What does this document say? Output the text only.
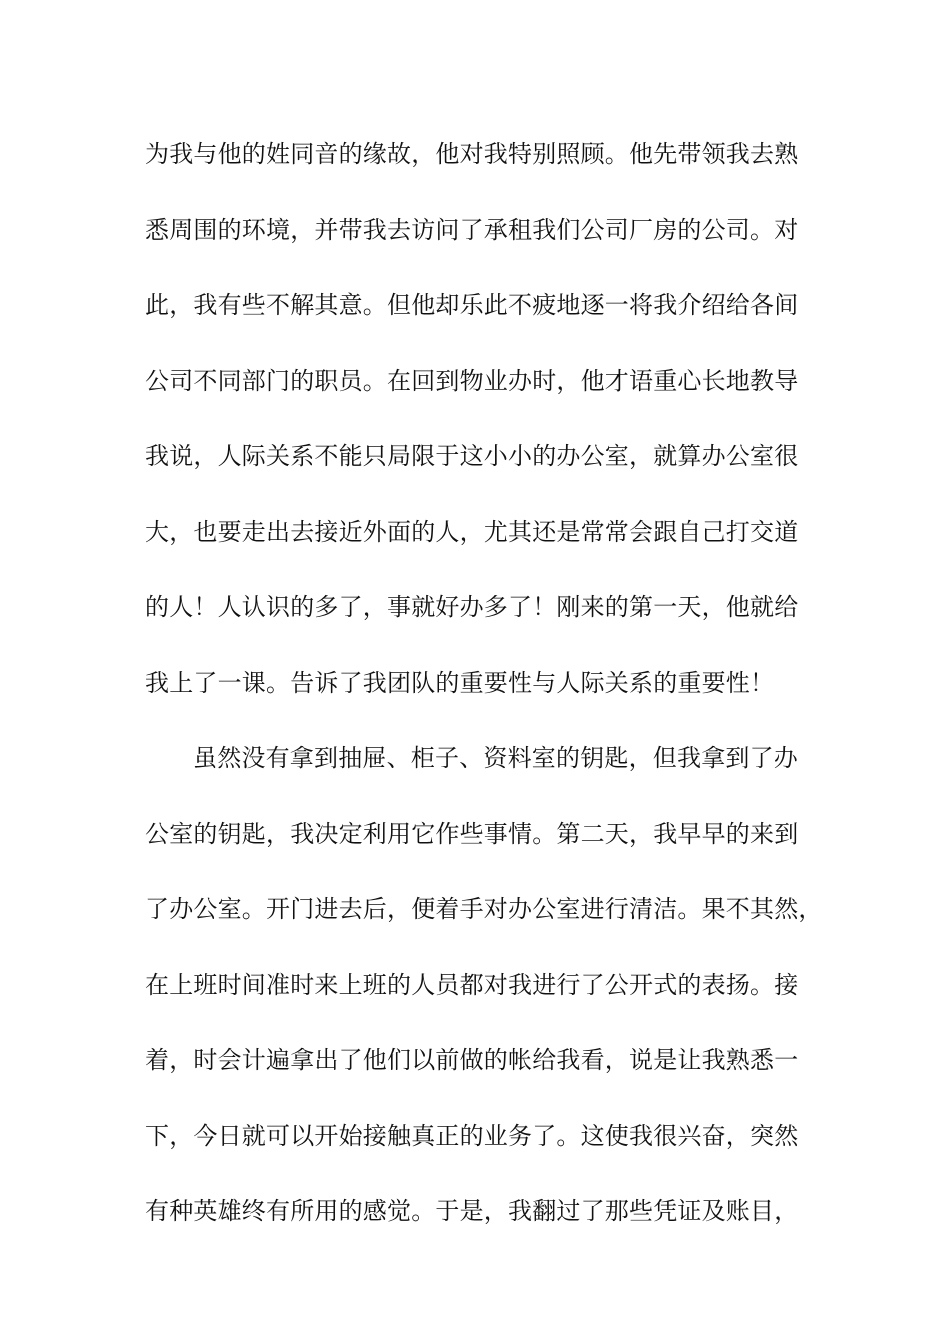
为我与他的姓同音的缘故，他对我特别照顾。他先带领我去熟
悉周围的环境，并带我去访问了承租我们公司厂房的公司。对
此，我有些不解其意。但他却乐此不疲地逐一将我介绍给各间
公司不同部门的职员。在回到物业办时，他才语重心长地教导
我说，人际关系不能只局限于这小小的办公室，就算办公室很
大，也要走出去接近外面的人，尤其还是常常会跟自己打交道
的人！人认识的多了，事就好办多了！刚来的第一天，他就给
我上了一课。告诉了我团队的重要性与人际关系的重要性！
虽然没有拿到抽屉、柜子、资料室的钥匙，但我拿到了办
公室的钥匙，我决定利用它作些事情。第二天，我早早的来到
了办公室。开门进去后，便着手对办公室进行清洁。果不其然，
在上班时间准时来上班的人员都对我进行了公开式的表扬。接
着，时会计遍拿出了他们以前做的帐给我看，说是让我熟悉一
下，今日就可以开始接触真正的业务了。这使我很兴奋，突然
有种英雄终有所用的感觉。于是，我翻过了那些凭证及账目，
